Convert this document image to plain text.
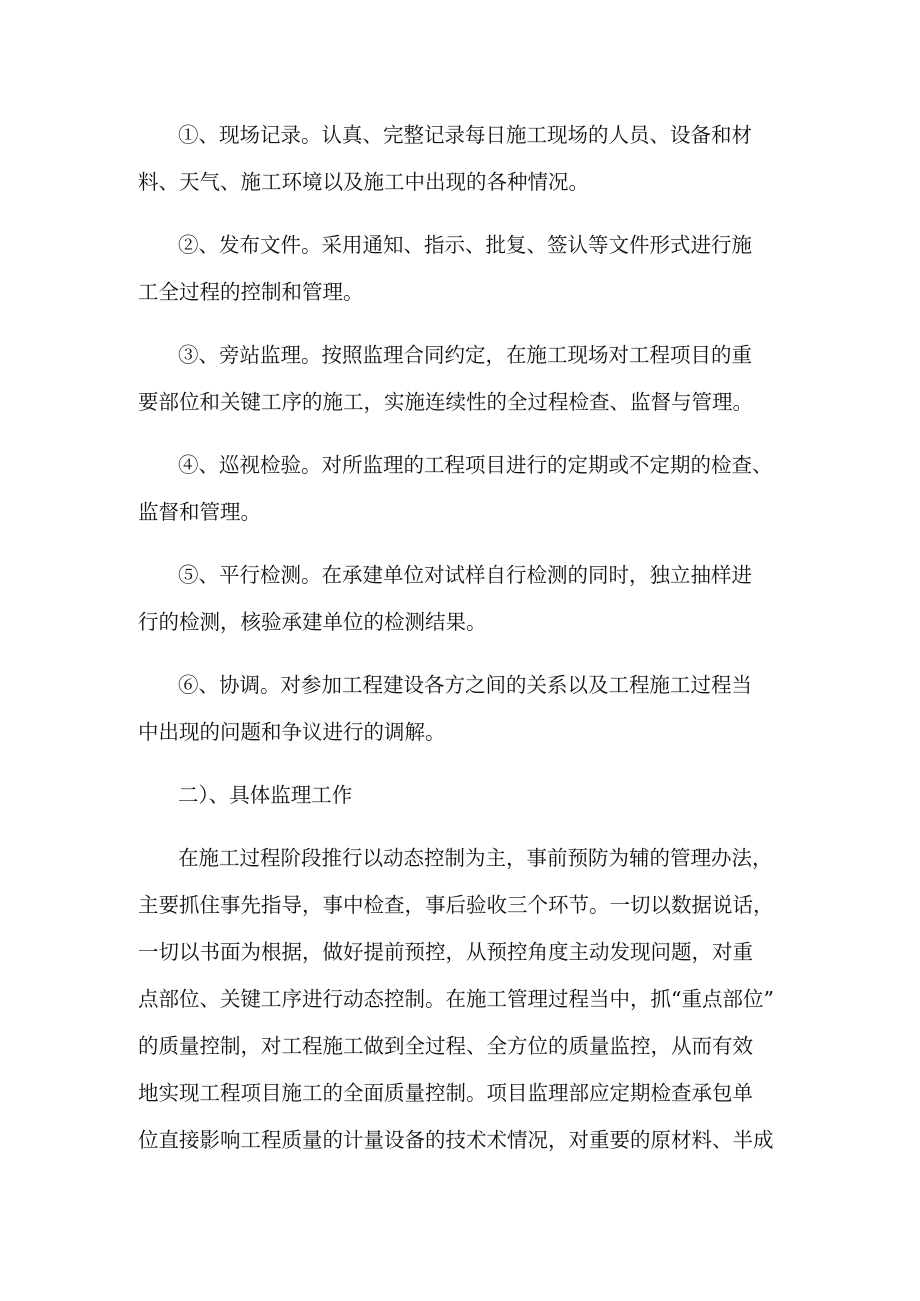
①、现场记录。认真、完整记录每日施工现场的人员、设备和材
料、天气、施工环境以及施工中出现的各种情况。
②、发布文件。采用通知、指示、批复、签认等文件形式进行施
工全过程的控制和管理。
③、旁站监理。按照监理合同约定，在施工现场对工程项目的重
要部位和关键工序的施工，实施连续性的全过程检查、监督与管理。
④、巡视检验。对所监理的工程项目进行的定期或不定期的检查、
监督和管理。
⑤、平行检测。在承建单位对试样自行检测的同时，独立抽样进
行的检测，核验承建单位的检测结果。
⑥、协调。对参加工程建设各方之间的关系以及工程施工过程当
中出现的问题和争议进行的调解。
二）、具体监理工作
在施工过程阶段推行以动态控制为主，事前预防为辅的管理办法，
主要抓住事先指导，事中检查，事后验收三个环节。一切以数据说话，
一切以书面为根据，做好提前预控，从预控角度主动发现问题，对重
点部位、关键工序进行动态控制。在施工管理过程当中，抓“重点部位”
的质量控制，对工程施工做到全过程、全方位的质量监控，从而有效
地实现工程项目施工的全面质量控制。项目监理部应定期检查承包单
位直接影响工程质量的计量设备的技术术情况，对重要的原材料、半成
